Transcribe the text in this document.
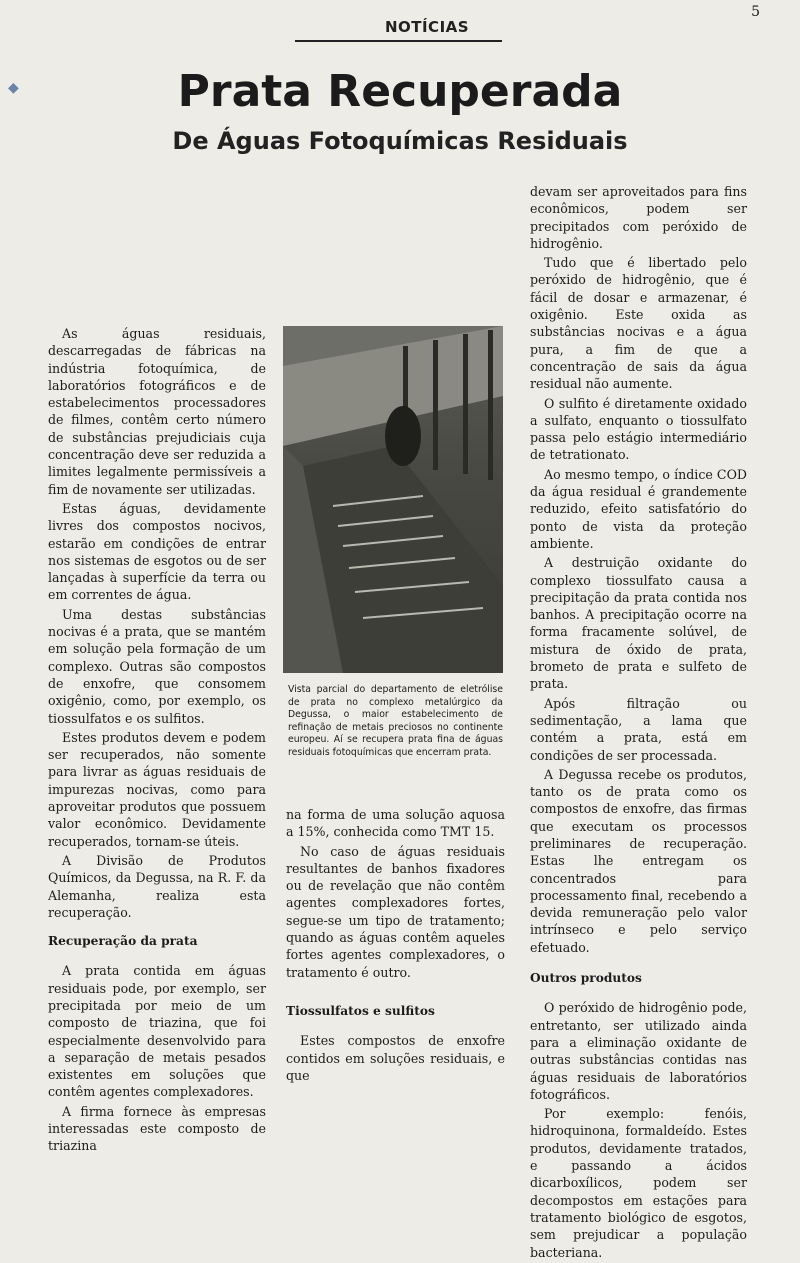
5
NOTÍCIAS
◆	Prata Recuperada
De Águas Fotoquímicas Residuais

As águas residuais, descarregadas de fábricas na indústria fotoquímica, de laboratórios fotográficos e de estabelecimentos processadores de filmes, contêm certo número de substâncias prejudiciais cuja concentração deve ser reduzida a limites legalmente permissíveis a fim de novamente ser utilizadas.

Estas águas, devidamente livres dos compostos nocivos, estarão em condições de entrar nos sistemas de esgotos ou de ser lançadas à superfície da terra ou em correntes de água.

Uma destas substâncias nocivas é a prata, que se mantém em solução pela formação de um complexo. Outras são compostos de enxofre, que consomem oxigênio, como, por exemplo, os tiossulfatos e os sulfitos.

Estes produtos devem e podem ser recuperados, não somente para livrar as águas residuais de impurezas nocivas, como para aproveitar produtos que possuem valor econômico. Devidamente recuperados, tornam-se úteis.

A Divisão de Produtos Químicos, da Degussa, na R. F. da Alemanha, realiza esta recuperação.

Recuperação da prata

A prata contida em águas residuais pode, por exemplo, ser precipitada por meio de um composto de triazina, que foi especialmente desenvolvido para a separação de metais pesados existentes em soluções que contêm agentes complexadores.

A firma fornece às empresas interessadas este composto de triazina

Vista parcial do departamento de eletrólise de prata no complexo metalúrgico da Degussa, o maior estabelecimento de refinação de metais preciosos no continente europeu. Aí se recupera prata fina de águas residuais fotoquímicas que encerram prata.

na forma de uma solução aquosa a 15%, conhecida como TMT 15.

No caso de águas residuais resultantes de banhos fixadores ou de revelação que não contêm agentes complexadores fortes, segue-se um tipo de tratamento; quando as águas contêm aqueles fortes agentes complexadores, o tratamento é outro.

Tiossulfatos e sulfitos

Estes compostos de enxofre contidos em soluções residuais, e que

devam ser aproveitados para fins econômicos, podem ser precipitados com peróxido de hidrogênio.

Tudo que é libertado pelo peróxido de hidrogênio, que é fácil de dosar e armazenar, é oxigênio. Este oxida as substâncias nocivas e a água pura, a fim de que a concentração de sais da água residual não aumente.

O sulfito é diretamente oxidado a sulfato, enquanto o tiossulfato passa pelo estágio intermediário de tetrationato.

Ao mesmo tempo, o índice COD da água residual é grandemente reduzido, efeito satisfatório do ponto de vista da proteção ambiente.

A destruição oxidante do complexo tiossulfato causa a precipitação da prata contida nos banhos. A precipitação ocorre na forma fracamente solúvel, de mistura de óxido de prata, brometo de prata e sulfeto de prata.

Após filtração ou sedimentação, a lama que contém a prata, está em condições de ser processada.

A Degussa recebe os produtos, tanto os de prata como os compostos de enxofre, das firmas que executam os processos preliminares de recuperação. Estas lhe entregam os concentrados para processamento final, recebendo a devida remuneração pelo valor intrínseco e pelo serviço efetuado.

Outros produtos

O peróxido de hidrogênio pode, entretanto, ser utilizado ainda para a eliminação oxidante de outras substâncias contidas nas águas residuais de laboratórios fotográficos.

Por exemplo: fenóis, hidroquinona, formaldeído. Estes produtos, devidamente tratados, e passando a ácidos dicarboxílicos, podem ser decompostos em estações para tratamento biológico de esgotos, sem prejudicar a população bacteriana.
